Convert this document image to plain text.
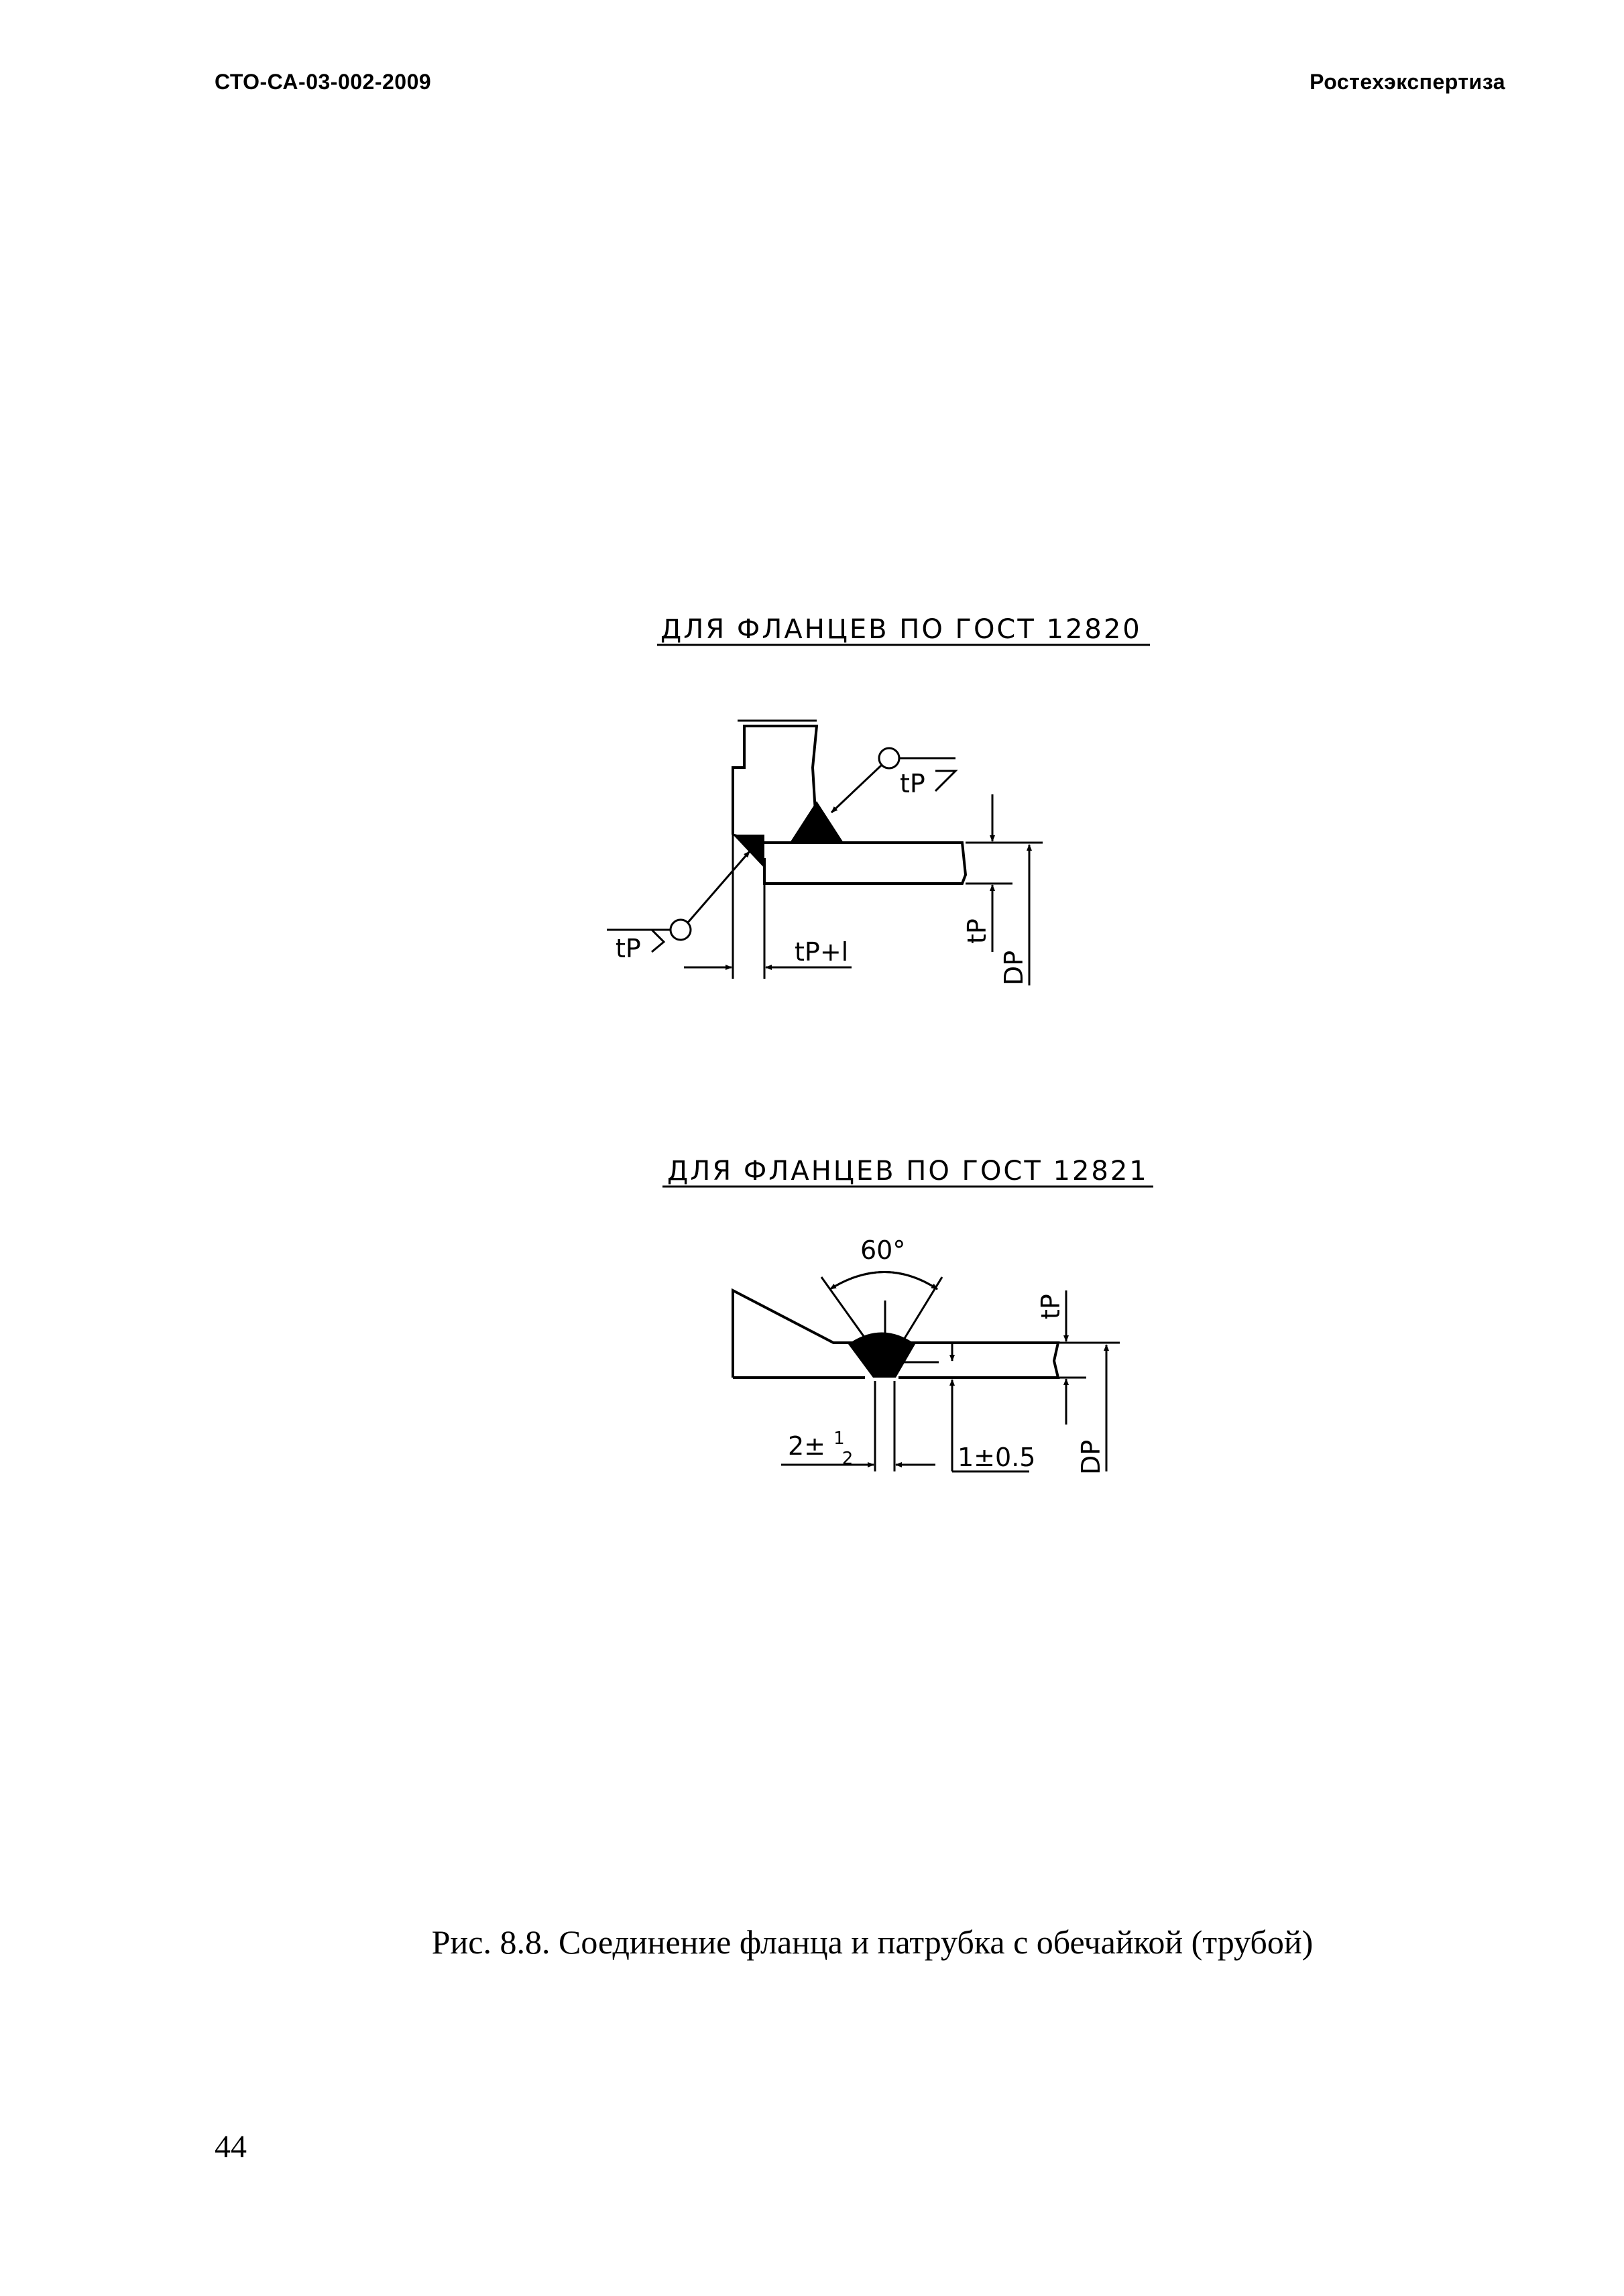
СТО-СА-03-002-2009	Ростехэкспертиза
ДЛЯ ФЛАНЦЕВ ПО ГОСТ 12820
tP
tP	tP+l
tP
DP
ДЛЯ ФЛАНЦЕВ ПО ГОСТ 12821
60°
2± $^1$ 2	1±0.5
tP
DP
Рис. 8.8. Соединение фланца и патрубка с обечайкой (трубой)
44
